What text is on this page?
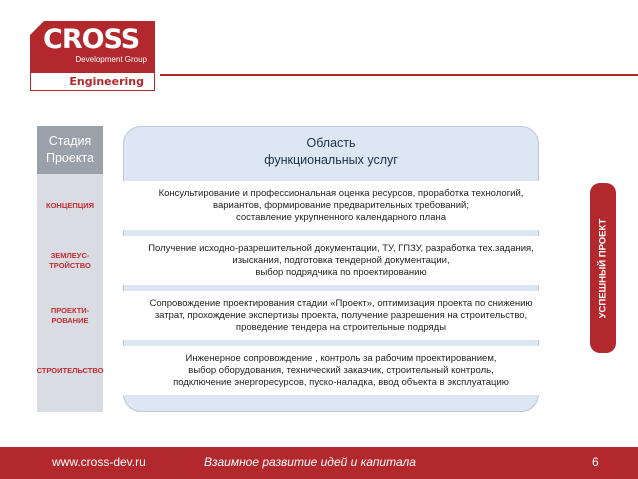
CROSS
Development Group
Engineering
Стадия
Проекта
Область
функциональных услуг
КОНЦЕПЦИЯ
Консультирование и профессиональная оценка ресурсов, проработка технологий,
вариантов, формирование предварительных требований;
составление укрупненного календарного плана
ЗЕМЛЕУС-
ТРОЙСТВО
Получение исходно-разрешительной документации, ТУ, ГПЗУ, разработка тех.задания,
изыскания, подготовка тендерной документации,
выбор подрядчика по проектированию
ПРОЕКТИ-
РОВАНИЕ
Сопровождение проектирования стадии «Проект», оптимизация проекта по снижению
затрат, прохождение экспертизы проекта, получение разрешения на строительство,
проведение тендера на строительные подряды
СТРОИТЕЛЬСТВО
Инженерное сопровождение , контроль за рабочим проектированием,
выбор оборудования, технический заказчик, строительный контроль,
подключение энергоресурсов, пуско-наладка, ввод объекта в эксплуатацию
УСПЕШНЫЙ ПРОЕКТ
www.cross-dev.ru	Взаимное развитие идей и капитала	6
